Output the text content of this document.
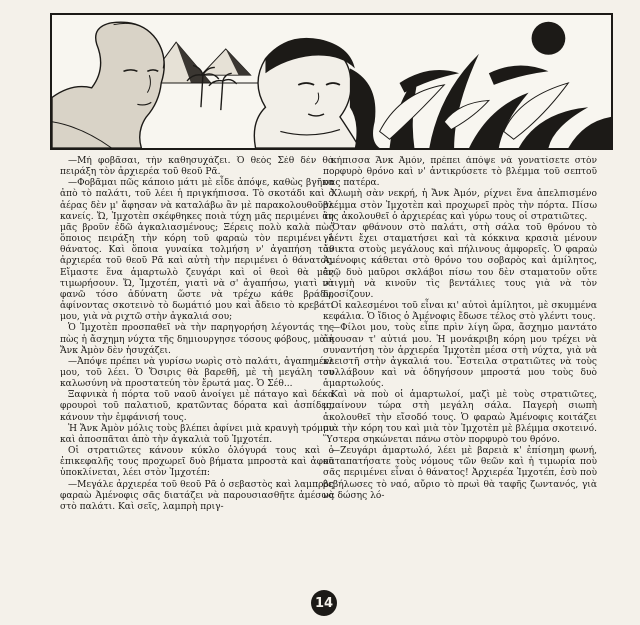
—Μή φοβᾶσαι, τὴν καθησυχάζει. Ὁ θεὸς Σὲθ δὲν θὰ πειράξη τὸν ἀρχιερέα τοῦ θεοῦ Ρᾶ.

—Φοβᾶμαι πῶς κάποιο μάτι μὲ εἶδε ἀπόψε, καθὼς βγῆκα ἀπὸ τὸ παλάτι, τοῦ λέει ἡ πριγκήπισσα. Τὸ σκοτάδι καὶ ὁ ἀέρας δὲν μ' ἄφησαν νὰ καταλάβω ἂν μὲ παρακολουθοῦσε κανείς. Ὤ, Ἰμχοτὲπ σκέφθηκες ποιὰ τύχη μᾶς περιμένει ἂν μᾶς βροῦν ἐδῶ ἀγκαλιασμένους; Ξέρεις πολὺ καλὰ πὼς ὅποιος πειράξη τὴν κόρη τοῦ φαραὼ τὸν περιμένει ὁ θάνατος. Καὶ ὅποια γυναίκα τολμήση ν' ἀγαπήση τὸν ἀρχιερέα τοῦ θεοῦ Ρᾶ καὶ αὐτὴ τὴν περιμένει ὁ θάνατος. Εἴμαστε ἕνα ἁμαρτωλὸ ζευγάρι καὶ οἱ θεοὶ θὰ μᾶς τιμωρήσουν. Ὤ, Ἰμχοτέπ, γιατὶ νὰ σ' ἀγαπήσω, γιατὶ νὰ φανῶ τόσο ἀδύνατη ὥστε νὰ τρέχω κάθε βράδυ, ἀφίνοντας σκοτεινὸ τὸ δωμάτιό μου καὶ ἄδειο τὸ κρεβάτι μου, γιὰ νὰ ριχτῶ στὴν ἀγκαλιά σου;

Ὁ Ἰμχοτὲπ προσπαθεῖ νὰ τὴν παρηγορήση λέγοντάς της πὼς ἡ ἄσχημη νύχτα τῆς δημιουργησε τόσους φόβους, μὰ ἡ Ἄνκ Ἀμὸν δὲν ἡσυχάζει.

—Ἀπόψε πρέπει νὰ γυρίσω νωρὶς στὸ παλάτι, ἀγαπημένε μου, τοῦ λέει. Ὁ Ὄσιρις θὰ βαρεθῆ, μὲ τὴ μεγάλη του καλωσύνη νὰ προστατεύη τὸν ἔρωτά μας. Ὁ Σέθ...

Ξαφνικὰ ἡ πόρτα τοῦ ναοῦ ἀνοίγει μὲ πάταγο καὶ δέκα φρουροὶ τοῦ παλατιοῦ, κρατῶντας δόρατα καὶ ἀσπίδες, κάνουν τὴν ἐμφάνισή τους.

Ἡ Ἄνκ Ἀμὸν μόλις τοὺς βλέπει ἀφίνει μιὰ κραυγὴ τρόμου καὶ ἀποσπᾶται ἀπὸ τὴν ἀγκαλιὰ τοῦ Ἰμχοτέπ.

Οἱ στρατιῶτες κάνουν κύκλο ὁλόγυρά τους καὶ ὁ ἐπικεφαλῆς τους προχωρεῖ δυὸ βήματα μπροστὰ καὶ ἀφοῦ ὑποκλίνεται, λέει στὸν Ἰμχοτέπ:

—Μεγάλε ἀρχιερέα τοῦ θεοῦ Ρᾶ ὁ σεβαστὸς καὶ λαμπρὸς φαραὼ Ἀμένοφις σᾶς διατάζει νὰ παρουσιασθῆτε ἀμέσως στὸ παλάτι. Καὶ σεῖς, λαμπρὴ πριγ-

κήπισσα Ἄνκ Ἀμόν, πρέπει ἀπόψε νὰ γονατίσετε στὸν πορφυρὸ θρόνο καὶ ν' ἀντικρύσετε τὸ βλέμμα τοῦ σεπτοῦ σας πατέρα.

Χλωμὴ σὰν νεκρή, ἡ Ἄνκ Ἀμόν, ρίχνει ἕνα ἀπελπισμένο βλέμμα στὸν Ἰμχοτὲπ καὶ προχωρεῖ πρὸς τὴν πόρτα. Πίσω της ἀκολουθεῖ ὁ ἀρχιερέας καὶ γύρω τους οἱ στρατιῶτες.

Ὅταν φθάνουν στὸ παλάτι, στὴ σάλα τοῦ θρόνου τὸ γλέντι ἔχει σταματήσει καὶ τὰ κόκκινα κρασιὰ μένουν ἄθικτα στοὺς μεγάλους καὶ πήλινους ἀμφορεῖς. Ὁ φαραὼ Ἀμένοφις κάθεται στὸ θρόνο του σοβαρὸς καὶ ἀμίλητος, ἐνῷ δυὸ μαῦροι σκλάβοι πίσω του δὲν σταματοῦν οὔτε στιγμὴ νὰ κινοῦν τὶς βεντάλιες τους γιὰ νὰ τὸν δροσίζουν.

Οἱ καλεσμένοι τοῦ εἶναι κι' αὐτοὶ ἀμίλητοι, μὲ σκυμμένα κεφάλια. Ὁ ἴδιος ὁ Ἀμένοφις ἔδωσε τέλος στὸ γλέντι τους.

—Φίλοι μου, τοὺς εἶπε πρὶν λίγη ὥρα, ἄσχημο μαντάτο ἄκουσαν τ' αὐτιά μου. Ἡ μονάκριβη κόρη μου τρέχει νὰ συναντήση τὸν ἀρχιερέα Ἰμχοτὲπ μέσα στὴ νύχτα, γιὰ νὰ κλειστῆ στὴν ἀγκαλιά του. Ἔστειλα στρατιῶτες νὰ τοὺς συλλάβουν καὶ νὰ ὁδηγήσουν μπροστά μου τοὺς δυὸ ἁμαρτωλούς.

Καὶ νὰ ποὺ οἱ ἁμαρτωλοί, μαζὶ μὲ τοὺς στρατιῶτες, μπαίνουν τώρα στὴ μεγάλη σάλα. Παγερὴ σιωπὴ ἀκολουθεῖ τὴν εἴσοδό τους. Ὁ φαραὼ Ἀμένοφις κοιτάζει μιὰ τὴν κόρη του καὶ μιὰ τὸν Ἰμχοτὲπ μὲ βλέμμα σκοτεινό. Ὕστερα σηκώνεται πάνω στὸν πορφυρὸ του θρόνο.

—Ζευγάρι ἁμαρτωλό, λέει μὲ βαρειὰ κ' ἐπίσημη φωνή, καταπατήσατε τοὺς νόμους τῶν θεῶν καὶ ἡ τιμωρία ποὺ σᾶς περιμένει εἶναι ὁ θάνατος! Ἀρχιερέα Ἰμχοτέπ, ἐσὺ ποὺ βεβήλωσες τὸ ναό, αὔριο τὸ πρωὶ θὰ ταφῆς ζωντανός, γιὰ νὰ δώσης λό-

14
